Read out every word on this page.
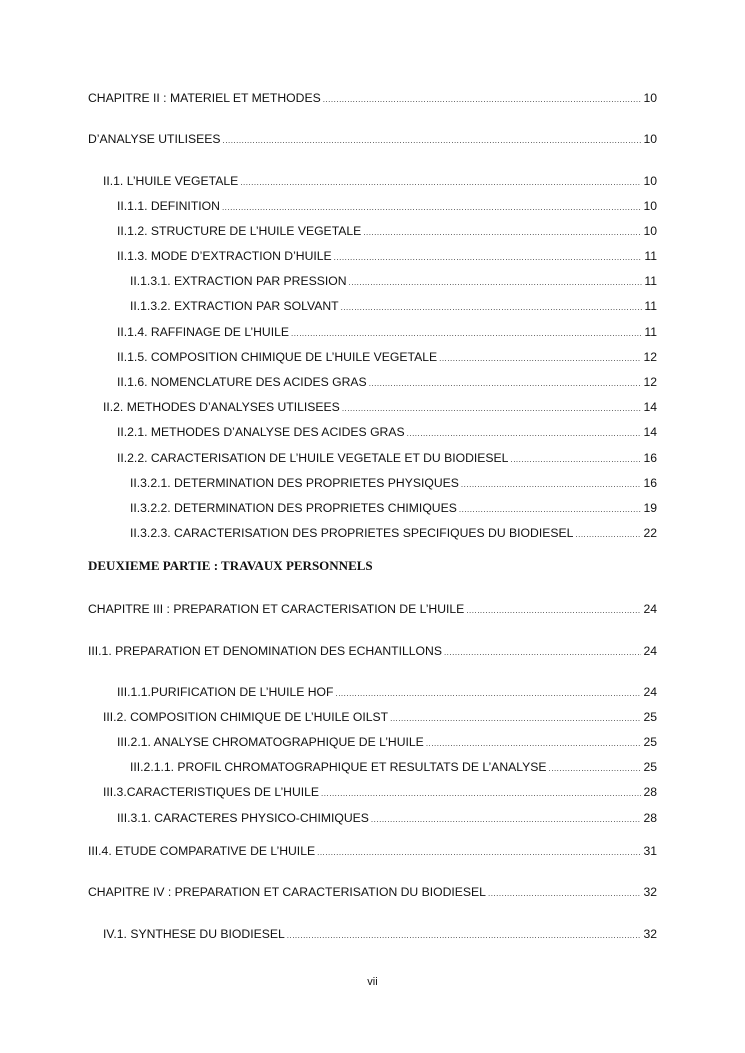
CHAPITRE II : MATERIEL ET METHODES .....	10
D’ANALYSE UTILISEES .....	10
II.1. L’HUILE VEGETALE .....	10
II.1.1. DEFINITION .....	10
II.1.2. STRUCTURE DE L’HUILE VEGETALE .....	10
II.1.3. MODE D’EXTRACTION D’HUILE .....	11
II.1.3.1. EXTRACTION PAR PRESSION .....	11
II.1.3.2. EXTRACTION PAR SOLVANT .....	11
II.1.4. RAFFINAGE DE L’HUILE .....	11
II.1.5. COMPOSITION CHIMIQUE DE L’HUILE VEGETALE .....	12
II.1.6. NOMENCLATURE DES ACIDES GRAS .....	12
II.2. METHODES D’ANALYSES UTILISEES .....	14
II.2.1. METHODES D’ANALYSE DES ACIDES GRAS .....	14
II.2.2. CARACTERISATION DE L’HUILE VEGETALE ET DU BIODIESEL .....	16
II.3.2.1. DETERMINATION DES PROPRIETES PHYSIQUES .....	16
II.3.2.2. DETERMINATION DES PROPRIETES CHIMIQUES .....	19
II.3.2.3. CARACTERISATION DES PROPRIETES SPECIFIQUES DU BIODIESEL .....	22
DEUXIEME PARTIE : TRAVAUX PERSONNELS
CHAPITRE III : PREPARATION ET CARACTERISATION DE L’HUILE .....	24
III.1. PREPARATION ET DENOMINATION DES ECHANTILLONS .....	24
III.1.1.PURIFICATION DE L’HUILE HOF .....	24
III.2. COMPOSITION CHIMIQUE DE L’HUILE OILST .....	25
III.2.1. ANALYSE CHROMATOGRAPHIQUE DE L’HUILE .....	25
III.2.1.1. PROFIL CHROMATOGRAPHIQUE ET RESULTATS DE L’ANALYSE .....	25
III.3.CARACTERISTIQUES DE L’HUILE .....	28
III.3.1. CARACTERES PHYSICO-CHIMIQUES .....	28
III.4. ETUDE COMPARATIVE DE L’HUILE .....	31
CHAPITRE IV : PREPARATION ET CARACTERISATION DU BIODIESEL .....	32
IV.1. SYNTHESE DU BIODIESEL .....	32
vii
